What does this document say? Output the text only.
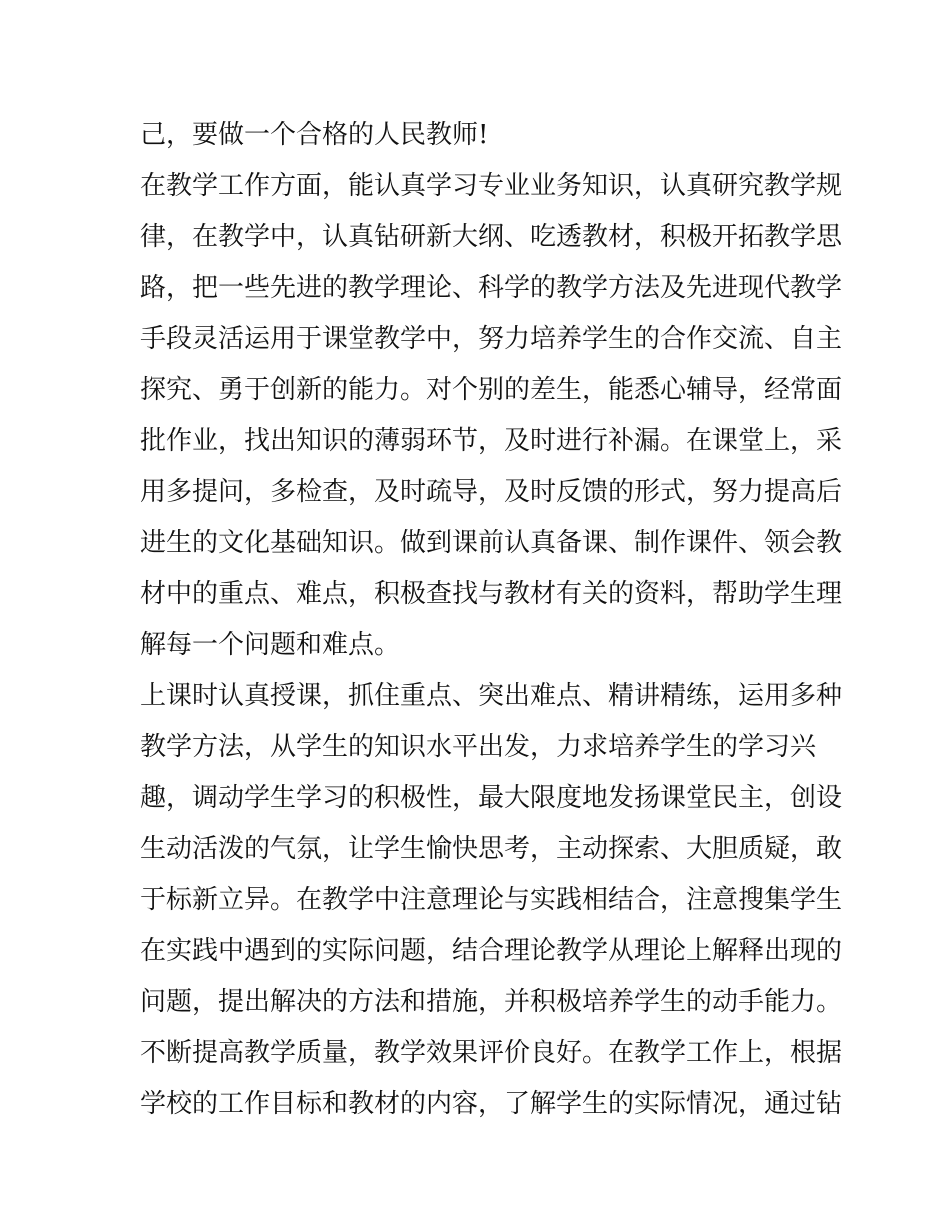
己，要做一个合格的人民教师!
在教学工作方面，能认真学习专业业务知识，认真研究教学规
律，在教学中，认真钻研新大纲、吃透教材，积极开拓教学思
路，把一些先进的教学理论、科学的教学方法及先进现代教学
手段灵活运用于课堂教学中，努力培养学生的合作交流、自主
探究、勇于创新的能力。对个别的差生，能悉心辅导，经常面
批作业，找出知识的薄弱环节，及时进行补漏。在课堂上，采
用多提问，多检查，及时疏导，及时反馈的形式，努力提高后
进生的文化基础知识。做到课前认真备课、制作课件、领会教
材中的重点、难点，积极查找与教材有关的资料，帮助学生理
解每一个问题和难点。
上课时认真授课，抓住重点、突出难点、精讲精练，运用多种
教学方法，从学生的知识水平出发，力求培养学生的学习兴
趣，调动学生学习的积极性，最大限度地发扬课堂民主，创设
生动活泼的气氛，让学生愉快思考，主动探索、大胆质疑，敢
于标新立异。在教学中注意理论与实践相结合，注意搜集学生
在实践中遇到的实际问题，结合理论教学从理论上解释出现的
问题，提出解决的方法和措施，并积极培养学生的动手能力。
不断提高教学质量，教学效果评价良好。在教学工作上，根据
学校的工作目标和教材的内容，了解学生的实际情况，通过钻
